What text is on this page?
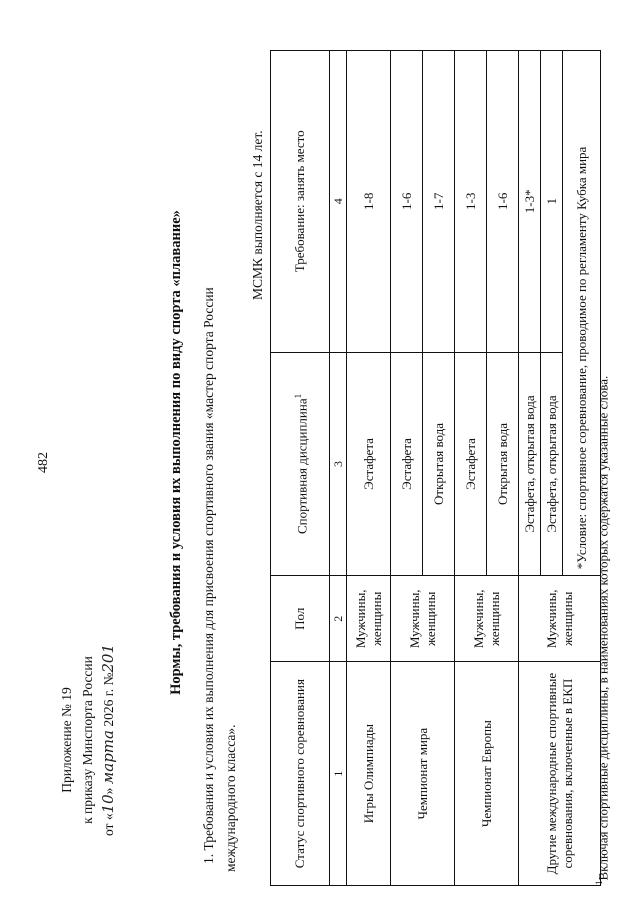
482
Приложение № 19 к приказу Минспорта России
от «10» марта 2026 г. №201	Нормы, требования и условия их выполнения по виду спорта «плавание» 1. Требования и условия их выполнения для присвоения спортивного звания «мастер спорта России международного класса».
МСМК выполняется с 14 лет.
Статус спортивного соревнования	Пол	Спортивная дисциплина$^1$	Требование: занять место
1	2	3	4
Игры Олимпиады	Мужчины, женщины	Эстафета	1-8
Чемпионат мира	Мужчины, женщины	Эстафета	1-6
		Открытая вода	1-7
Чемпионат Европы	Мужчины, женщины	Эстафета	1-3
		Открытая вода	1-6
Другие международные спортивные соревнования, включенные в ЕКП	Мужчины, женщины	Эстафета, открытая вода	1-3*
		Эстафета, открытая вода	1
		*Условие: спортивное соревнование, проводимое по регламенту Кубка мира	
$^1$Включая спортивные дисциплины, в наименованиях которых содержатся указанные слова.
